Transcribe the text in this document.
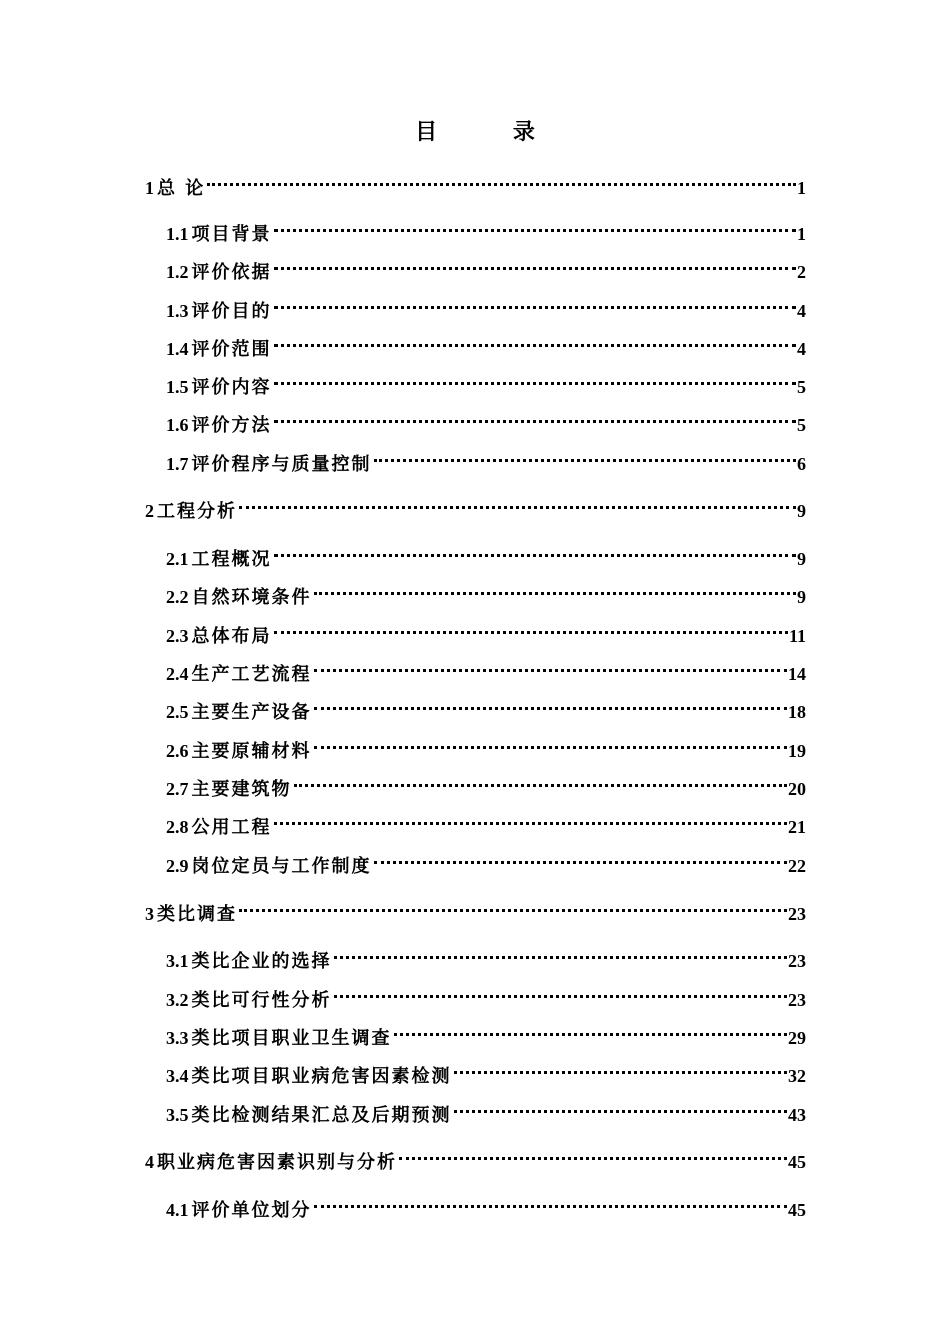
目 录
1 总 论	1
1.1 项目背景	1
1.2 评价依据	2
1.3 评价目的	4
1.4 评价范围	4
1.5 评价内容	5
1.6 评价方法	5
1.7 评价程序与质量控制	6
2 工程分析	9
2.1 工程概况	9
2.2 自然环境条件	9
2.3 总体布局	11
2.4 生产工艺流程	14
2.5 主要生产设备	18
2.6 主要原辅材料	19
2.7 主要建筑物	20
2.8 公用工程	21
2.9 岗位定员与工作制度	22
3 类比调查	23
3.1 类比企业的选择	23
3.2 类比可行性分析	23
3.3 类比项目职业卫生调查	29
3.4 类比项目职业病危害因素检测	32
3.5 类比检测结果汇总及后期预测	43
4 职业病危害因素识别与分析	45
4.1 评价单位划分	45
